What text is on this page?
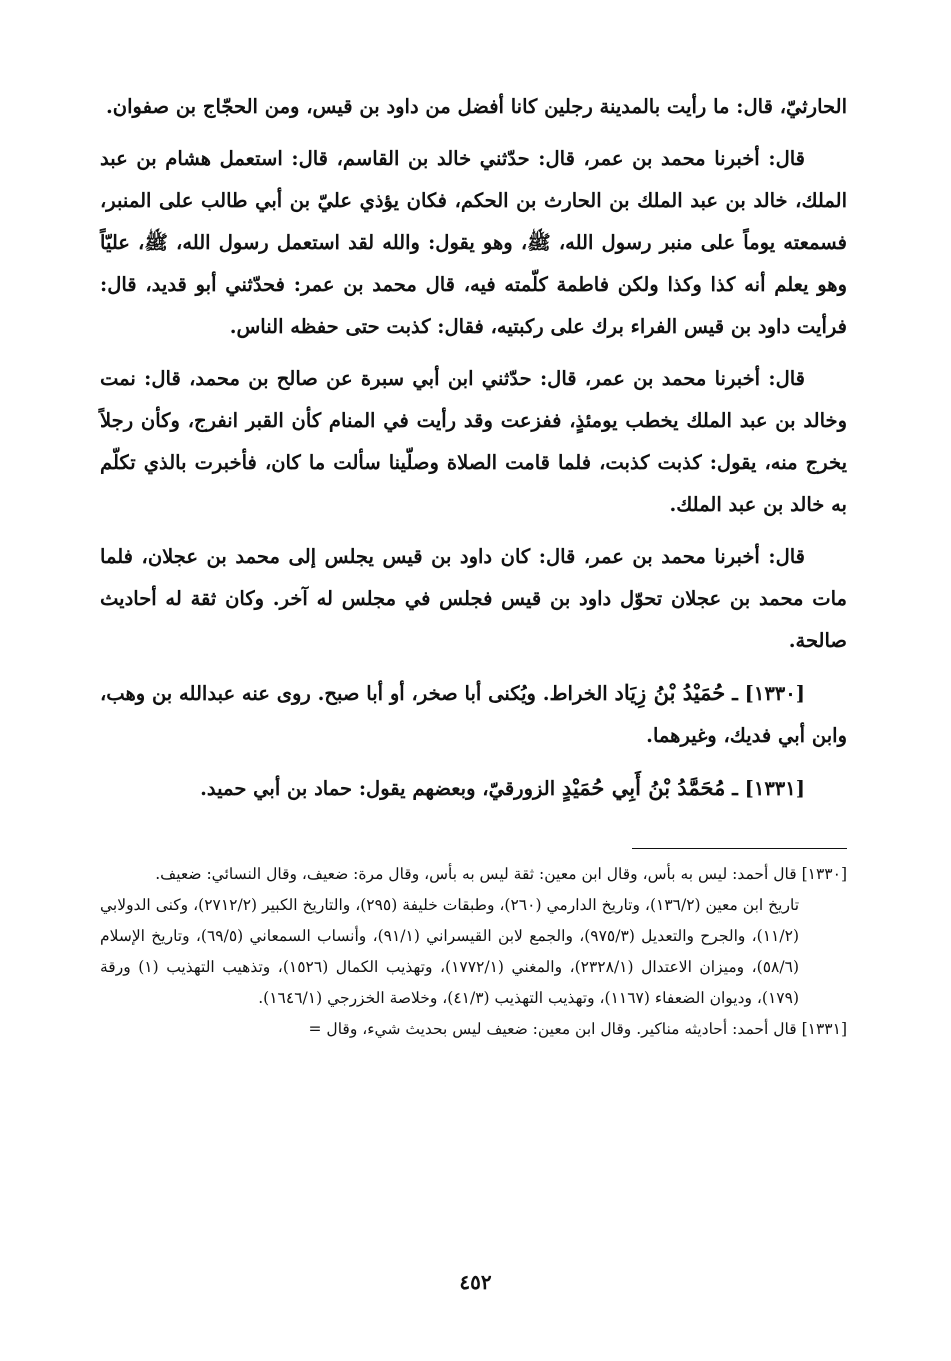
الحارثيّ، قال: ما رأيت بالمدينة رجلين كانا أفضل من داود بن قيس، ومن الحجّاج بن صفوان.

قال: أخبرنا محمد بن عمر، قال: حدّثني خالد بن القاسم، قال: استعمل هشام بن عبد الملك، خالد بن عبد الملك بن الحارث بن الحكم، فكان يؤذي عليّ بن أبي طالب على المنبر، فسمعته يوماً على منبر رسول الله، ﷺ، وهو يقول: والله لقد استعمل رسول الله، ﷺ، عليّاً وهو يعلم أنه كذا وكذا ولكن فاطمة كلّمته فيه، قال محمد بن عمر: فحدّثني أبو قديد، قال: فرأيت داود بن قيس الفراء برك على ركبتيه، فقال: كذبت حتى حفظه الناس.

قال: أخبرنا محمد بن عمر، قال: حدّثني ابن أبي سبرة عن صالح بن محمد، قال: نمت وخالد بن عبد الملك يخطب يومئذٍ، ففزعت وقد رأيت في المنام كأن القبر انفرج، وكأن رجلاً يخرج منه، يقول: كذبت كذبت، فلما قامت الصلاة وصلّينا سألت ما كان، فأخبرت بالذي تكلّم به خالد بن عبد الملك.

قال: أخبرنا محمد بن عمر، قال: كان داود بن قيس يجلس إلى محمد بن عجلان، فلما مات محمد بن عجلان تحوّل داود بن قيس فجلس في مجلس له آخر. وكان ثقة له أحاديث صالحة.

[١٣٣٠] ـ حُمَيْدُ بْنُ زِيَاد الخراط. ويُكنى أبا صخر، أو أبا صبح. روى عنه عبدالله بن وهب، وابن أبي فديك، وغيرهما.

[١٣٣١] ـ مُحَمَّدُ بْنُ أَبِي حُمَيْدٍ الزورقيّ، وبعضهم يقول: حماد بن أبي حميد.

[١٣٣٠] قال أحمد: ليس به بأس، وقال ابن معين: ثقة ليس به بأس، وقال مرة: ضعيف، وقال النسائي: ضعيف.

تاريخ ابن معين (١٣٦/٢)، وتاريخ الدارمي (٢٦٠)، وطبقات خليفة (٢٩٥)، والتاريخ الكبير (٢٧١٢/٢)، وكنى الدولابي (١١/٢)، والجرح والتعديل (٩٧٥/٣)، والجمع لابن القيسراني (٩١/١)، وأنساب السمعاني (٦٩/٥)، وتاريخ الإسلام (٥٨/٦)، وميزان الاعتدال (٢٣٢٨/١)، والمغني (١٧٧٢/١)، وتهذيب الكمال (١٥٢٦)، وتذهيب التهذيب (١) ورقة (١٧٩)، وديوان الضعفاء (١١٦٧)، وتهذيب التهذيب (٤١/٣)، وخلاصة الخزرجي (١٦٤٦/١).

[١٣٣١] قال أحمد: أحاديثه مناكير. وقال ابن معين: ضعيف ليس بحديث شيء، وقال =

٤٥٢
